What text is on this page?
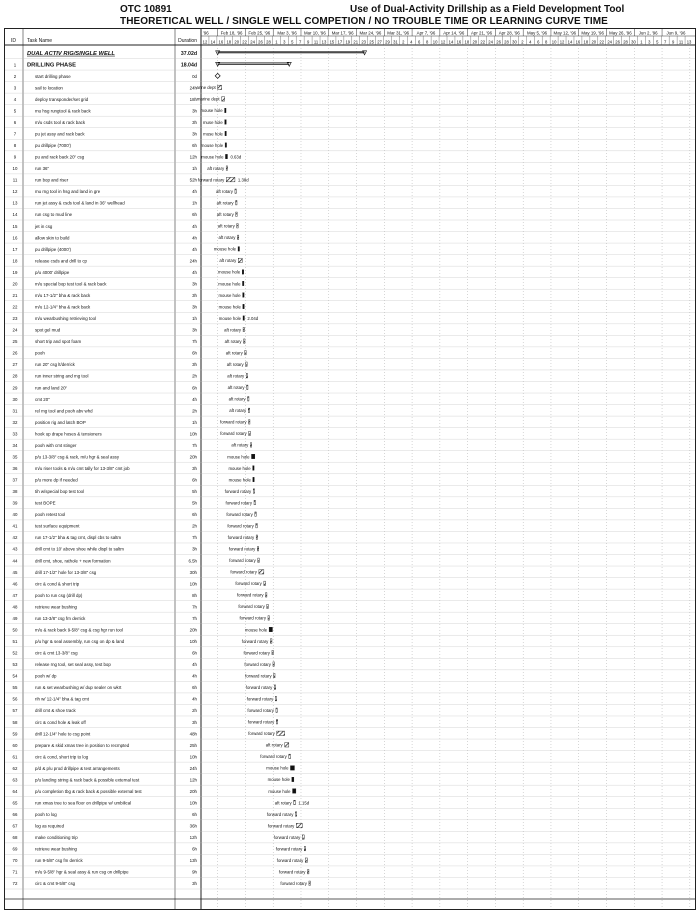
OTC 10891	Use of Dual-Activity Drillship as a Field Development Tool
THEORETICAL WELL / SINGLE WELL COMPETION / NO TROUBLE TIME OR LEARNING CURVE TIME
ID Task Name	Duration 12 14 16 18 20 22 24 26 28 1 3 5 7 9 11 13 15 17 19 21 23 25 27 29 31 2 4 6 8 10 12 14 16 18 20 22 24 26 28 30 2 4 6 8 10 12 14 16 18 20 22 24 26 28 30 1 3 5 7 9 11 13
'96	Feb 18, '96 Feb 25, '96 Mar 3, '96 Mar 10, '96 Mar 17, '96 Mar 24, '96 Mar 31, '96 Apr 7, '96 Apr 14, '96 Apr 21, '96 Apr 28, '96 May 5, '96 May 12, '96 May 19, '96 May 26, '96 Jun 2, '96 Jun 9, '96
DUAL ACTIV RIG/SINGLE WELL	37.02d
1 DRILLING PHASE	18.04d
2	start drilling phase	0d
3	sail to location	24h anne dept
4	deploy transponder/set grid	18h marine dept
5	mu hsg rungtool & rack back	3h mouse hole
6	m/u csds tool & rack back	3h muse hole
7	pu jet assy and rack back	3h muse hole
8	pu drillpipe (7000')	6h mouse hole
9	pu and rack back 20" csg	12h mouse hole 0.63d
10	run 36"	1h aft rotary
11	run bop and riser	52h forward rotary	1.38d
12	mu rng tool in hsg and land in gre	4h	aft rotary
13	run jet assy & csds tool & land in 36" wellhead	1h	aft rotary
14	run csg to mud line	6h	aft rotary
15	jet in csg	4h	aft rotary
16	allow skin to build	4h	aft rotary
17	pu drillpipe (4000')	4h	mouse hole
18	release csds and drill to cp	24h	aft rotary
19	p/u 4000' drillpipe	4h	mouse hole
20	m/u special bop test tool & rack back	3h	mouse hole
21	m/u 17-1/2" bha & rack back	3h	mouse hole
22	m/u 12-1/4" bha & rack back	3h	mouse hole
23	m/u wearbushing retrieving tool	1h	mouse hole 2.04d
24	spot gel mud	3h	aft rotary
25	short trip and spot foam	7h	aft rotary
26	pooh	6h	aft rotary
27	run 20" csg lt/derrick	3h	aft rotary
28	run inner string and mg tool	2h	aft rotary
29	run and land 20"	6h	aft rotary
30	cmt 20"	4h	aft rotary
31	rel mg tool and pooh abv whd	2h	aft rotary
32	position rig and latch BOP	1h	forward rotary
33	hook up drape hoses & tensioners	10h	forward rotary
34	pooh with cmt stinger	7h	aft rotary
35	p/u 13-3/8" csg & rack, m/u hgr & seal assy	20h	mouse hole
36	m/u riser tools & m/u cmt tally for 13-3/8" cmt job	3h	mouse hole
37	p/u more dp if needed	6h	mouse hole
38	tih w/special bop test tool	5h	forward rotary
39	test BOPE	5h	forward rotary
40	pooh retest tool	6h	forward rotary
41	test surface equipment	2h	forward rotary
42	run 17-1/2" bha & tag cmt, displ cbs to saltm	7h	forward rotary
43	drill cmt to 10' above shoe while displ to saltm	3h	forward rotary
44	drill cmt, shoe, rathole + new formation	6.5h	forward rotary
45	drill 17-1/2" hole for 13-3/8" csg	30h	forward rotary
46	circ & cond & short trip	10h	forward rotary
47	pooh to run csg (drill dp)	8h	forward rotary
48	retrieve wear bushing	7h	forward rotary
49	run 13-3/8" csg frn derrick	7h	forward rotary
50	m/u & rack back 9-5/8" csg & csg hgr run tool	20h	mouse hole
51	p/u hgr & seal assembly, run csg on dp & land	10h	forward rotary
52	circ & cmt 13-3/8" csg	6h	forward rotary
53	release rng tool, set seal assy, test bop	4h	forward rotary
54	pooh w/ dp	4h	forward rotary
55	run & set wearbushing w/ dup sealer on wkrt	6h	forward rotary
56	rih w/ 12-1/4" bha & tag cmt	4h	forward rotary
57	drill cmt & shoe track	2h	forward rotary
58	circ & cond hole & leak off	3h	forward rotary
59	drill 12-1/4" hole to csg point	48h	forward rotary
60	prepare & skid xmas tree in position to recmpted	25h	aft rotary
61	circ & cond, short trip to log	10h	forward rotary
62	p/d & p/u prod drillpipe & test arrangements	24h	mouse hole
63	p/u landing string & rack back & possible external test	12h	mouse hole
64	p/u completion tbg & rack back & possible external test	20h	mouse hole
65	run xmas tree to sea floor on drillpipe w/ umbilical	10h	aft rotary 1.15d
66	pooh to log	6h	forward rotary
67	log as required	36h	forward rotary
68	make conditioning trip	12h	forward rotary
69	retrieve wear bushing	6h	forward rotary
70	run 9-5/8" csg fm derrick	13h	forward rotary
71	m/u 9-5/8" hgr & seal assy & run csg on drillpipe	9h	forward rotary
72	circ & cmt 9-5/8" csg	3h	forward rotary
